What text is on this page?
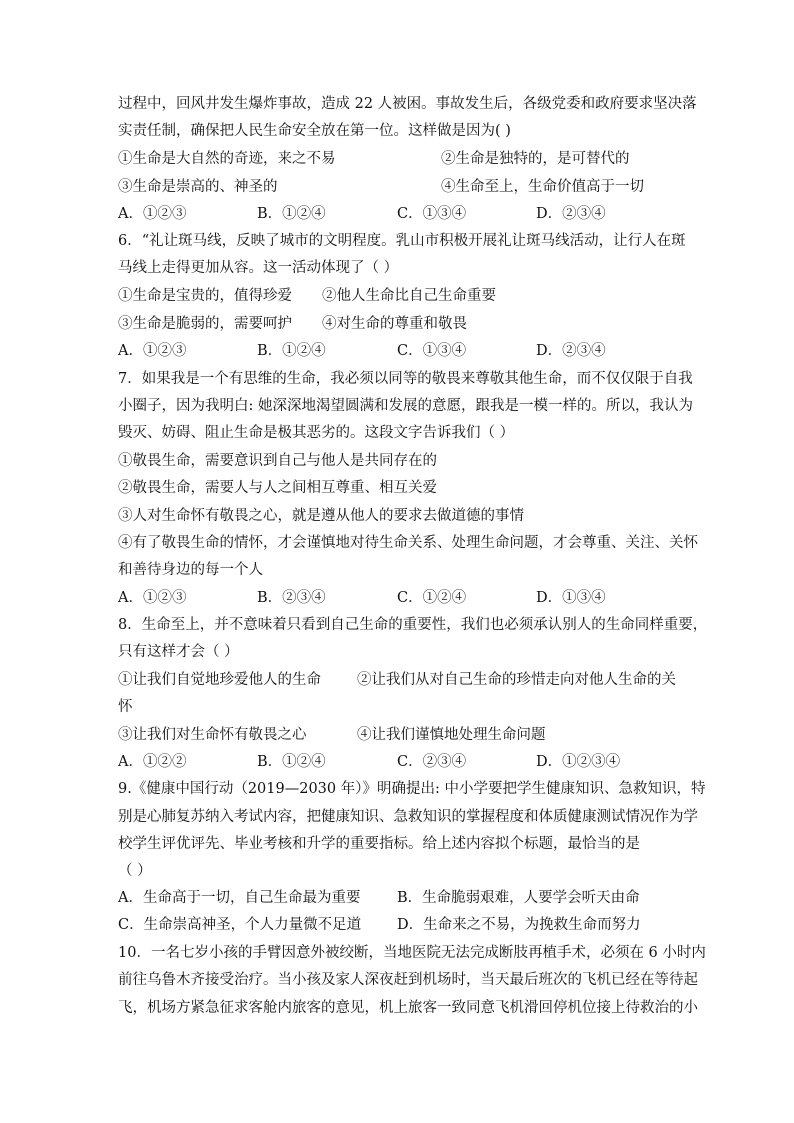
过程中，回风井发生爆炸事故，造成 22 人被困。事故发生后，各级党委和政府要求坚决落
实责任制，确保把人民生命安全放在第一位。这样做是因为( )
①生命是大自然的奇迹，来之不易	②生命是独特的，是可替代的
③生命是崇高的、神圣的	④生命至上，生命价值高于一切
A．①②③	B．①②④	C．①③④	D．②③④
6．“礼让斑马线，反映了城市的文明程度。乳山市积极开展礼让斑马线活动，让行人在斑
马线上走得更加从容。这一活动体现了（ ）
①生命是宝贵的，值得珍爱 ②他人生命比自己生命重要
③生命是脆弱的，需要呵护 ④对生命的尊重和敬畏
A．①②③	B．①②④	C．①③④	D．②③④
7．如果我是一个有思维的生命，我必须以同等的敬畏来尊敬其他生命，而不仅仅限于自我
小圈子，因为我明白: 她深深地渴望圆满和发展的意愿，跟我是一模一样的。所以，我认为
毁灭、妨碍、阻止生命是极其恶劣的。这段文字告诉我们（ ）
①敬畏生命，需要意识到自己与他人是共同存在的
②敬畏生命，需要人与人之间相互尊重、相互关爱
③人对生命怀有敬畏之心，就是遵从他人的要求去做道德的事情
④有了敬畏生命的情怀，才会谨慎地对待生命关系、处理生命问题，才会尊重、关注、关怀
和善待身边的每一个人
A．①②③	B．②③④	C．①②④	D．①③④
8．生命至上，并不意味着只看到自己生命的重要性，我们也必须承认别人的生命同样重要，
只有这样才会（ ）
①让我们自觉地珍爱他人的生命 ②让我们从对自己生命的珍惜走向对他人生命的关
怀
③让我们对生命怀有敬畏之心	④让我们谨慎地处理生命问题
A．①②②	B．①②④	C．②③④	D．①②③④
9.《健康中国行动（2019—2030 年）》明确提出: 中小学要把学生健康知识、急救知识，特
别是心肺复苏纳入考试内容，把健康知识、急救知识的掌握程度和体质健康测试情况作为学
校学生评优评先、毕业考核和升学的重要指标。给上述内容拟个标题，最恰当的是
（ ）
A．生命高于一切，自己生命最为重要	B．生命脆弱艰难，人要学会听天由命
C．生命崇高神圣，个人力量微不足道 D．生命来之不易，为挽救生命而努力
10．一名七岁小孩的手臂因意外被绞断，当地医院无法完成断肢再植手术，必须在 6 小时内
前往乌鲁木齐接受治疗。当小孩及家人深夜赶到机场时，当天最后班次的飞机已经在等待起
飞，机场方紧急征求客舱内旅客的意见，机上旅客一致同意飞机滑回停机位接上待救治的小
